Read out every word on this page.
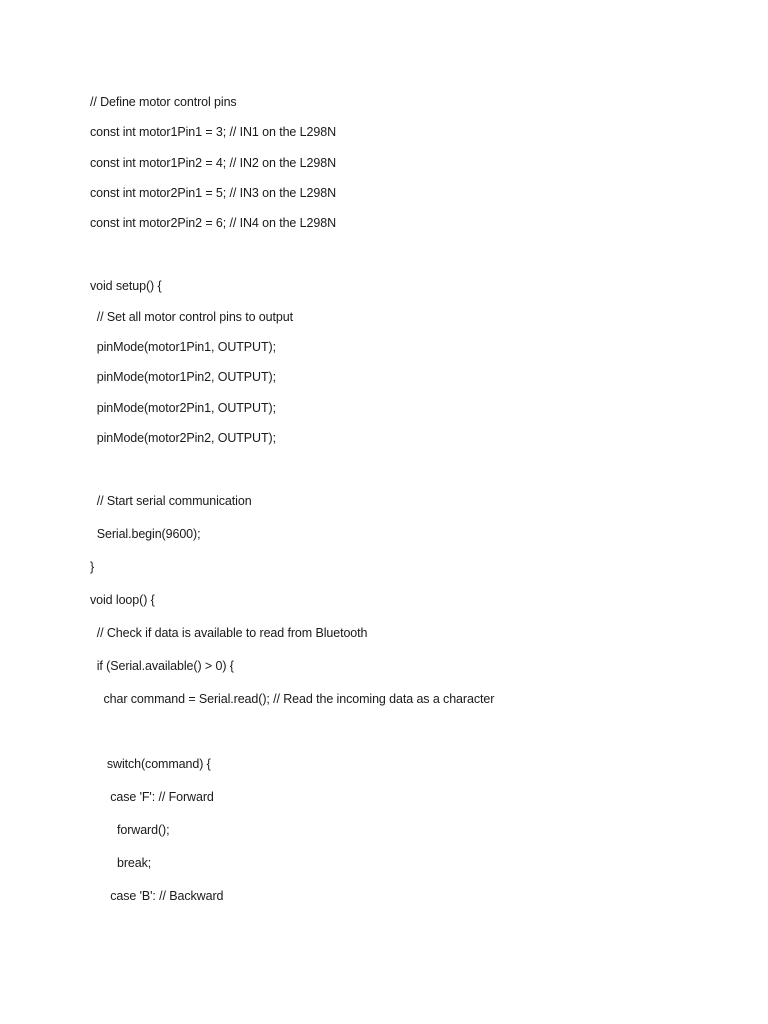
// Define motor control pins
const int motor1Pin1 = 3; // IN1 on the L298N
const int motor1Pin2 = 4; // IN2 on the L298N
const int motor2Pin1 = 5; // IN3 on the L298N
const int motor2Pin2 = 6; // IN4 on the L298N
void setup() {
// Set all motor control pins to output
pinMode(motor1Pin1, OUTPUT);
pinMode(motor1Pin2, OUTPUT);
pinMode(motor2Pin1, OUTPUT);
pinMode(motor2Pin2, OUTPUT);
// Start serial communication
Serial.begin(9600);
}
void loop() {
// Check if data is available to read from Bluetooth
if (Serial.available() > 0) {
char command = Serial.read(); // Read the incoming data as a character
switch(command) {
case 'F': // Forward
forward();
break;
case 'B': // Backward
